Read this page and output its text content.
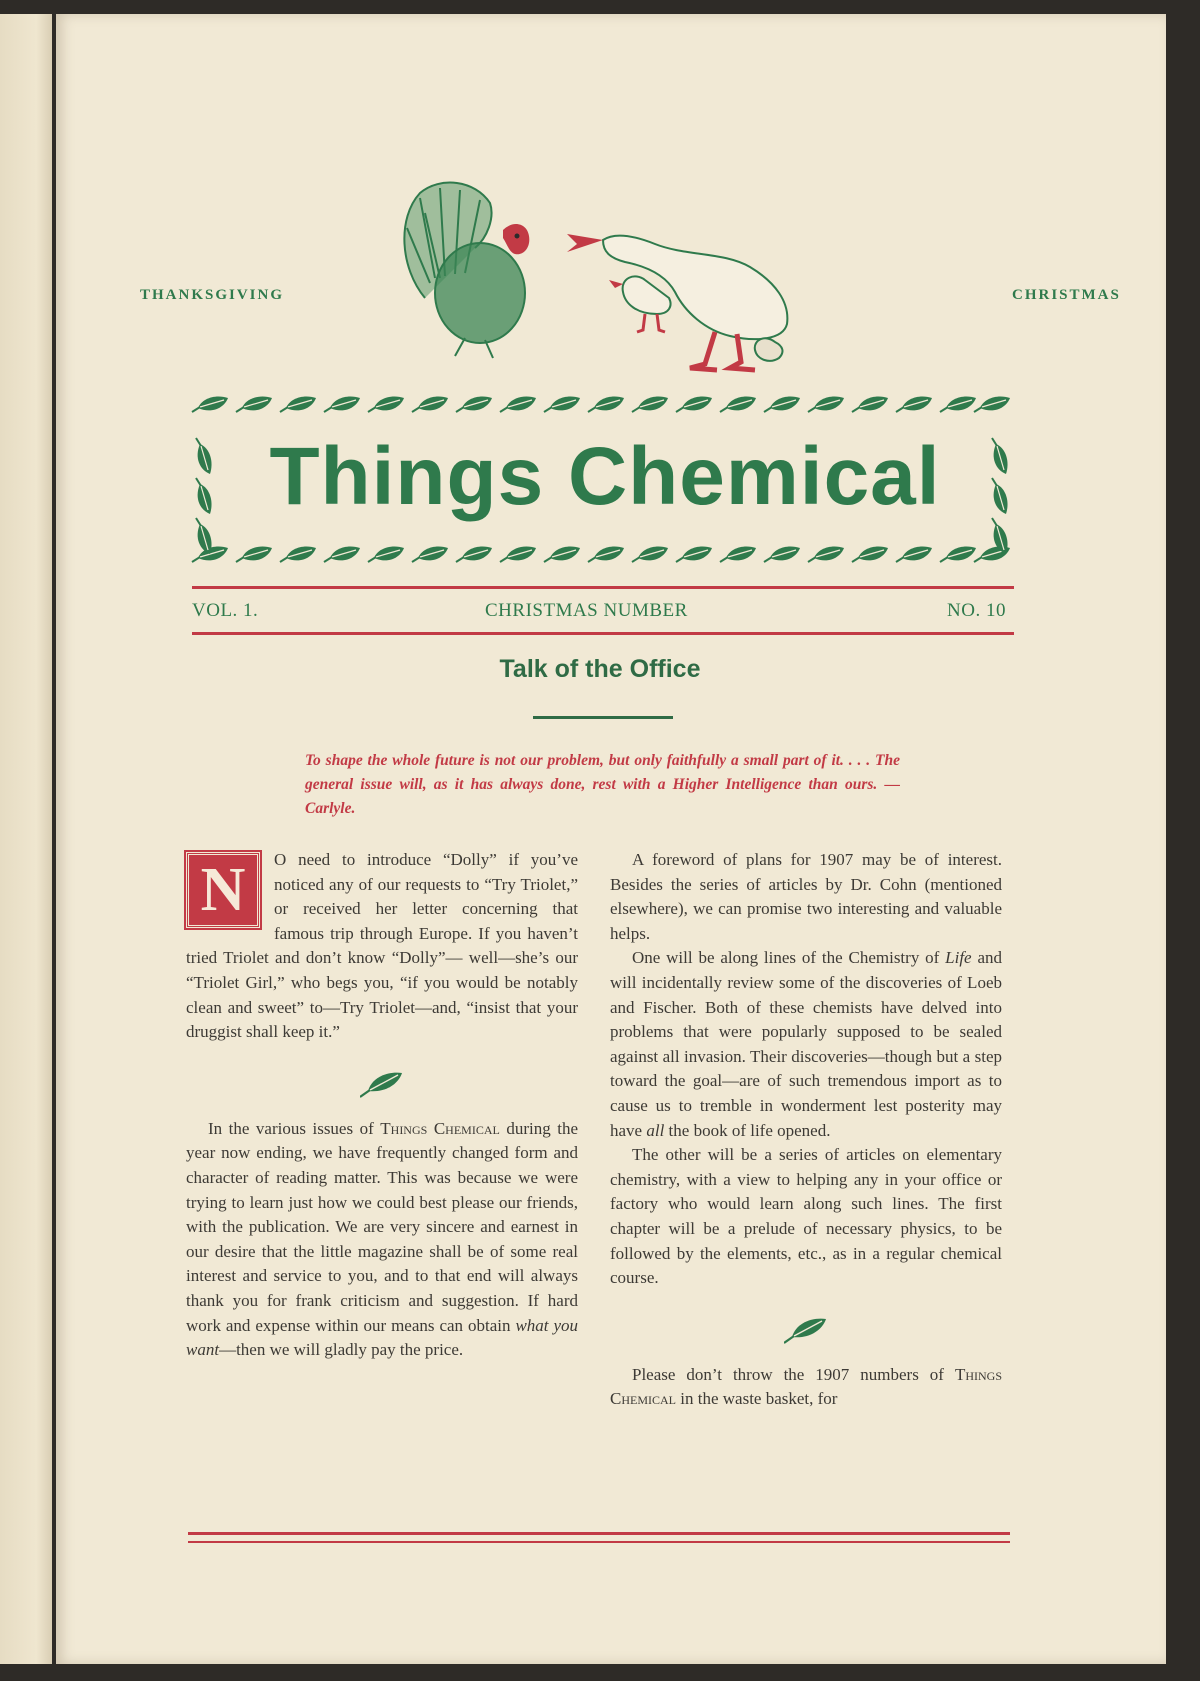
THANKSGIVING	CHRISTMAS
Things Chemical
VOL. 1.	CHRISTMAS NUMBER	NO. 10
Talk of the Office
To shape the whole future is not our problem, but only faithfully a small part of it. . . . The general issue will, as it has always done, rest with a Higher Intelligence than ours. —Carlyle.

N	O need to introduce “Dolly” if you’ve noticed any of our requests to “Try Triolet,” or received her letter concerning that famous trip through Europe. If you haven’t tried Triolet and don’t know “Dolly”— well—she’s our “Triolet Girl,” who begs you, “if you would be notably clean and sweet” to—Try Triolet—and, “insist that your druggist shall keep it.”

In the various issues of Things Chemical during the year now ending, we have frequently changed form and character of reading matter. This was because we were trying to learn just how we could best please our friends, with the publication. We are very sincere and earnest in our desire that the little magazine shall be of some real interest and service to you, and to that end will always thank you for frank criticism and suggestion. If hard work and expense within our means can obtain what you want—then we will gladly pay the price.

A foreword of plans for 1907 may be of interest. Besides the series of articles by Dr. Cohn (mentioned elsewhere), we can promise two interesting and valuable helps.

One will be along lines of the Chemistry of Life and will incidentally review some of the discoveries of Loeb and Fischer. Both of these chemists have delved into problems that were popularly supposed to be sealed against all invasion. Their discoveries—though but a step toward the goal—are of such tremendous import as to cause us to tremble in wonderment lest posterity may have all the book of life opened.

The other will be a series of articles on elementary chemistry, with a view to helping any in your office or factory who would learn along such lines. The first chapter will be a prelude of necessary physics, to be followed by the elements, etc., as in a regular chemical course.

Please don’t throw the 1907 numbers of Things Chemical in the waste basket, for
